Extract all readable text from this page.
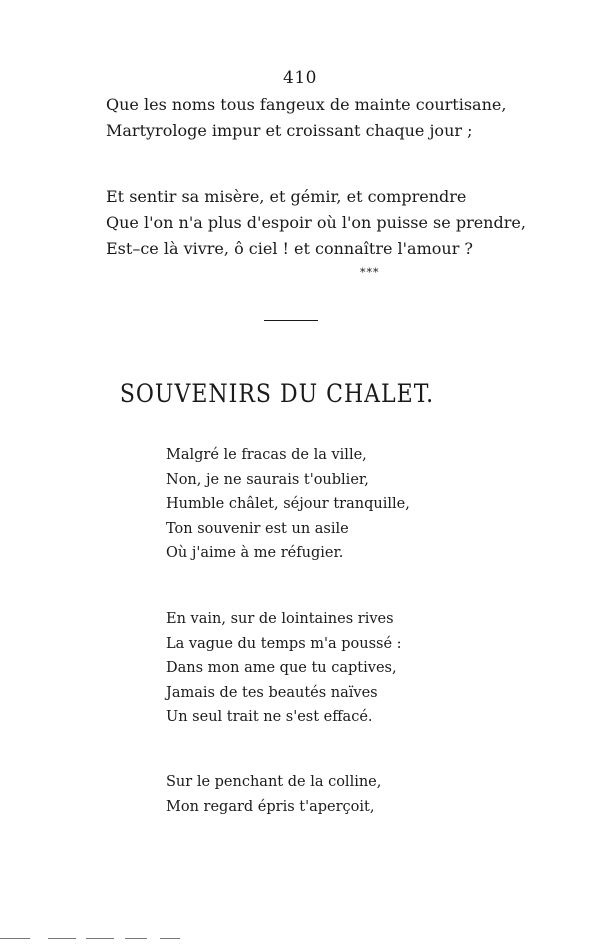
410
Que les noms tous fangeux de mainte courtisane,
Martyrologe impur et croissant chaque jour ;
Et sentir sa misère, et gémir, et comprendre
Que l'on n'a plus d'espoir où l'on puisse se prendre,
Est–ce là vivre, ô ciel ! et connaître l'amour ?
***
SOUVENIRS DU CHALET.
Malgré le fracas de la ville,
Non, je ne saurais t'oublier,
Humble châlet, séjour tranquille,
Ton souvenir est un asile
Où j'aime à me réfugier.
En vain, sur de lointaines rives
La vague du temps m'a poussé :
Dans mon ame que tu captives,
Jamais de tes beautés naïves
Un seul trait ne s'est effacé.
Sur le penchant de la colline,
Mon regard épris t'aperçoit,
